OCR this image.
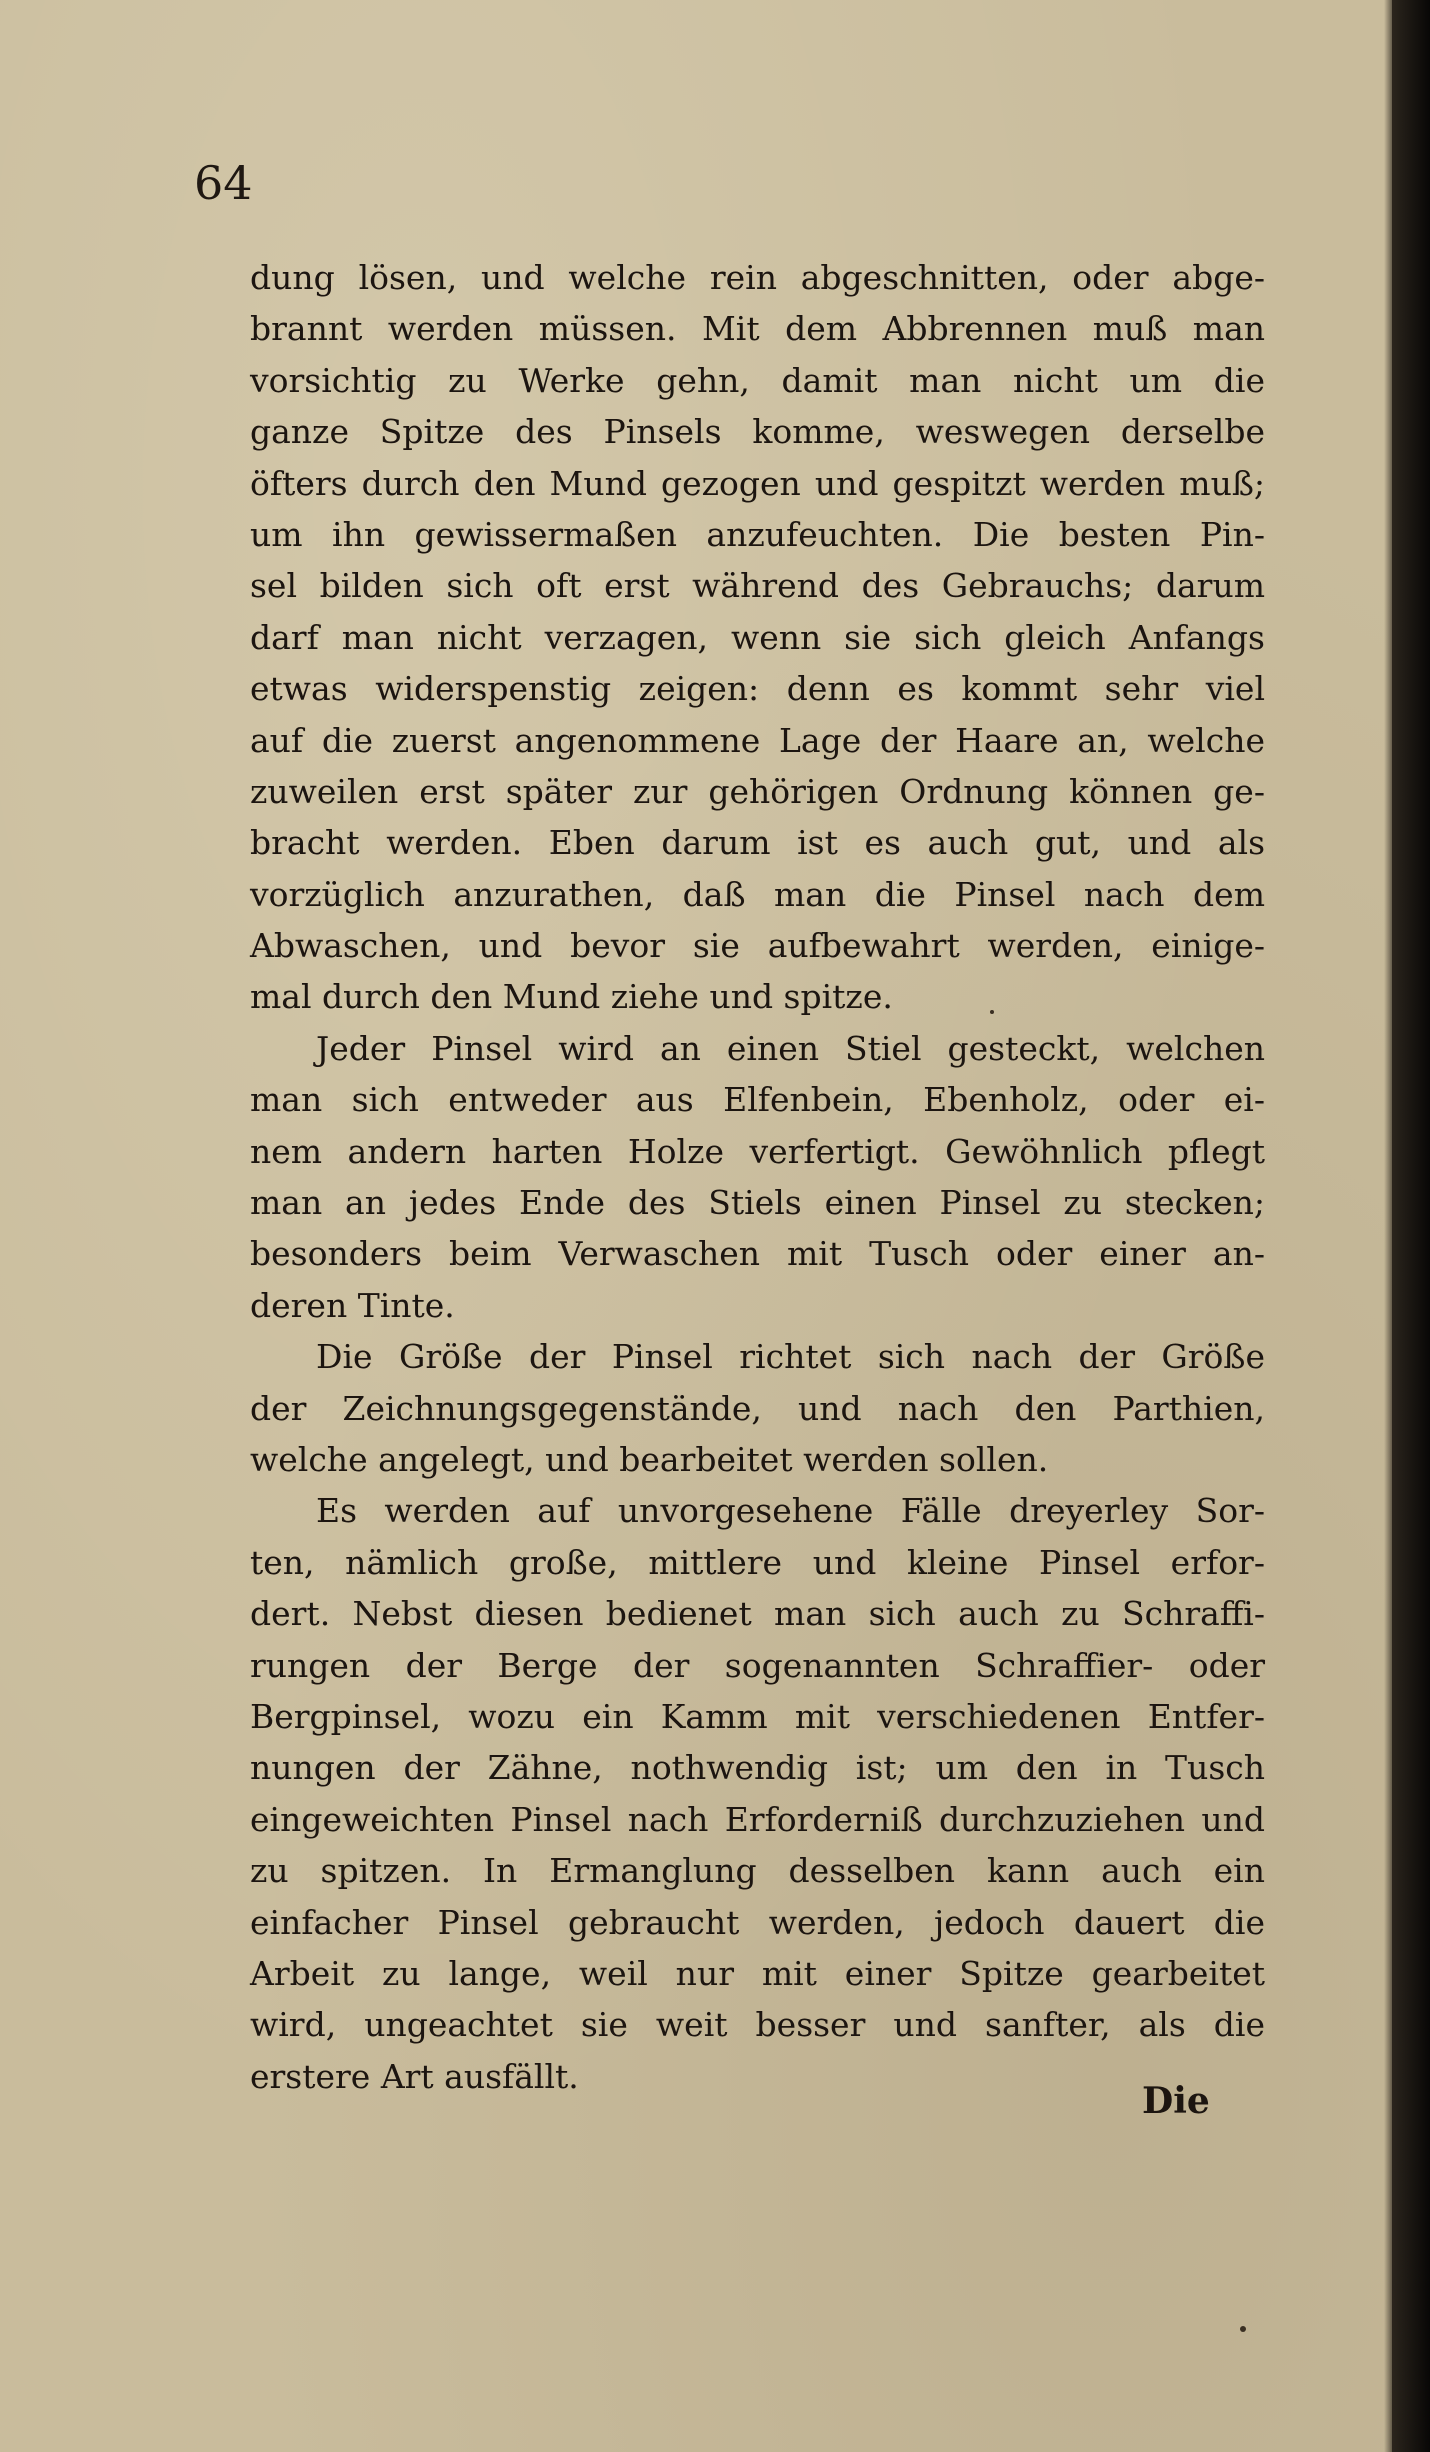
64
dung lösen, und welche rein abgeschnitten, oder abge-
brannt werden müssen. Mit dem Abbrennen muß man
vorsichtig zu Werke gehn, damit man nicht um die
ganze Spitze des Pinsels komme, weswegen derselbe
öfters durch den Mund gezogen und gespitzt werden muß;
um ihn gewissermaßen anzufeuchten. Die besten Pin-
sel bilden sich oft erst während des Gebrauchs; darum
darf man nicht verzagen, wenn sie sich gleich Anfangs
etwas widerspenstig zeigen: denn es kommt sehr viel
auf die zuerst angenommene Lage der Haare an, welche
zuweilen erst später zur gehörigen Ordnung können ge-
bracht werden. Eben darum ist es auch gut, und als
vorzüglich anzurathen, daß man die Pinsel nach dem
Abwaschen, und bevor sie aufbewahrt werden, einige-
mal durch den Mund ziehe und spitze.
Jeder Pinsel wird an einen Stiel gesteckt, welchen
man sich entweder aus Elfenbein, Ebenholz, oder ei-
nem andern harten Holze verfertigt. Gewöhnlich pflegt
man an jedes Ende des Stiels einen Pinsel zu stecken;
besonders beim Verwaschen mit Tusch oder einer an-
deren Tinte.
Die Größe der Pinsel richtet sich nach der Größe
der Zeichnungsgegenstände, und nach den Parthien,
welche angelegt, und bearbeitet werden sollen.
Es werden auf unvorgesehene Fälle dreyerley Sor-
ten, nämlich große, mittlere und kleine Pinsel erfor-
dert. Nebst diesen bedienet man sich auch zu Schraffi-
rungen der Berge der sogenannten Schraffier- oder
Bergpinsel, wozu ein Kamm mit verschiedenen Entfer-
nungen der Zähne, nothwendig ist; um den in Tusch
eingeweichten Pinsel nach Erforderniß durchzuziehen und
zu spitzen. In Ermanglung desselben kann auch ein
einfacher Pinsel gebraucht werden, jedoch dauert die
Arbeit zu lange, weil nur mit einer Spitze gearbeitet
wird, ungeachtet sie weit besser und sanfter, als die
erstere Art ausfällt.
Die
